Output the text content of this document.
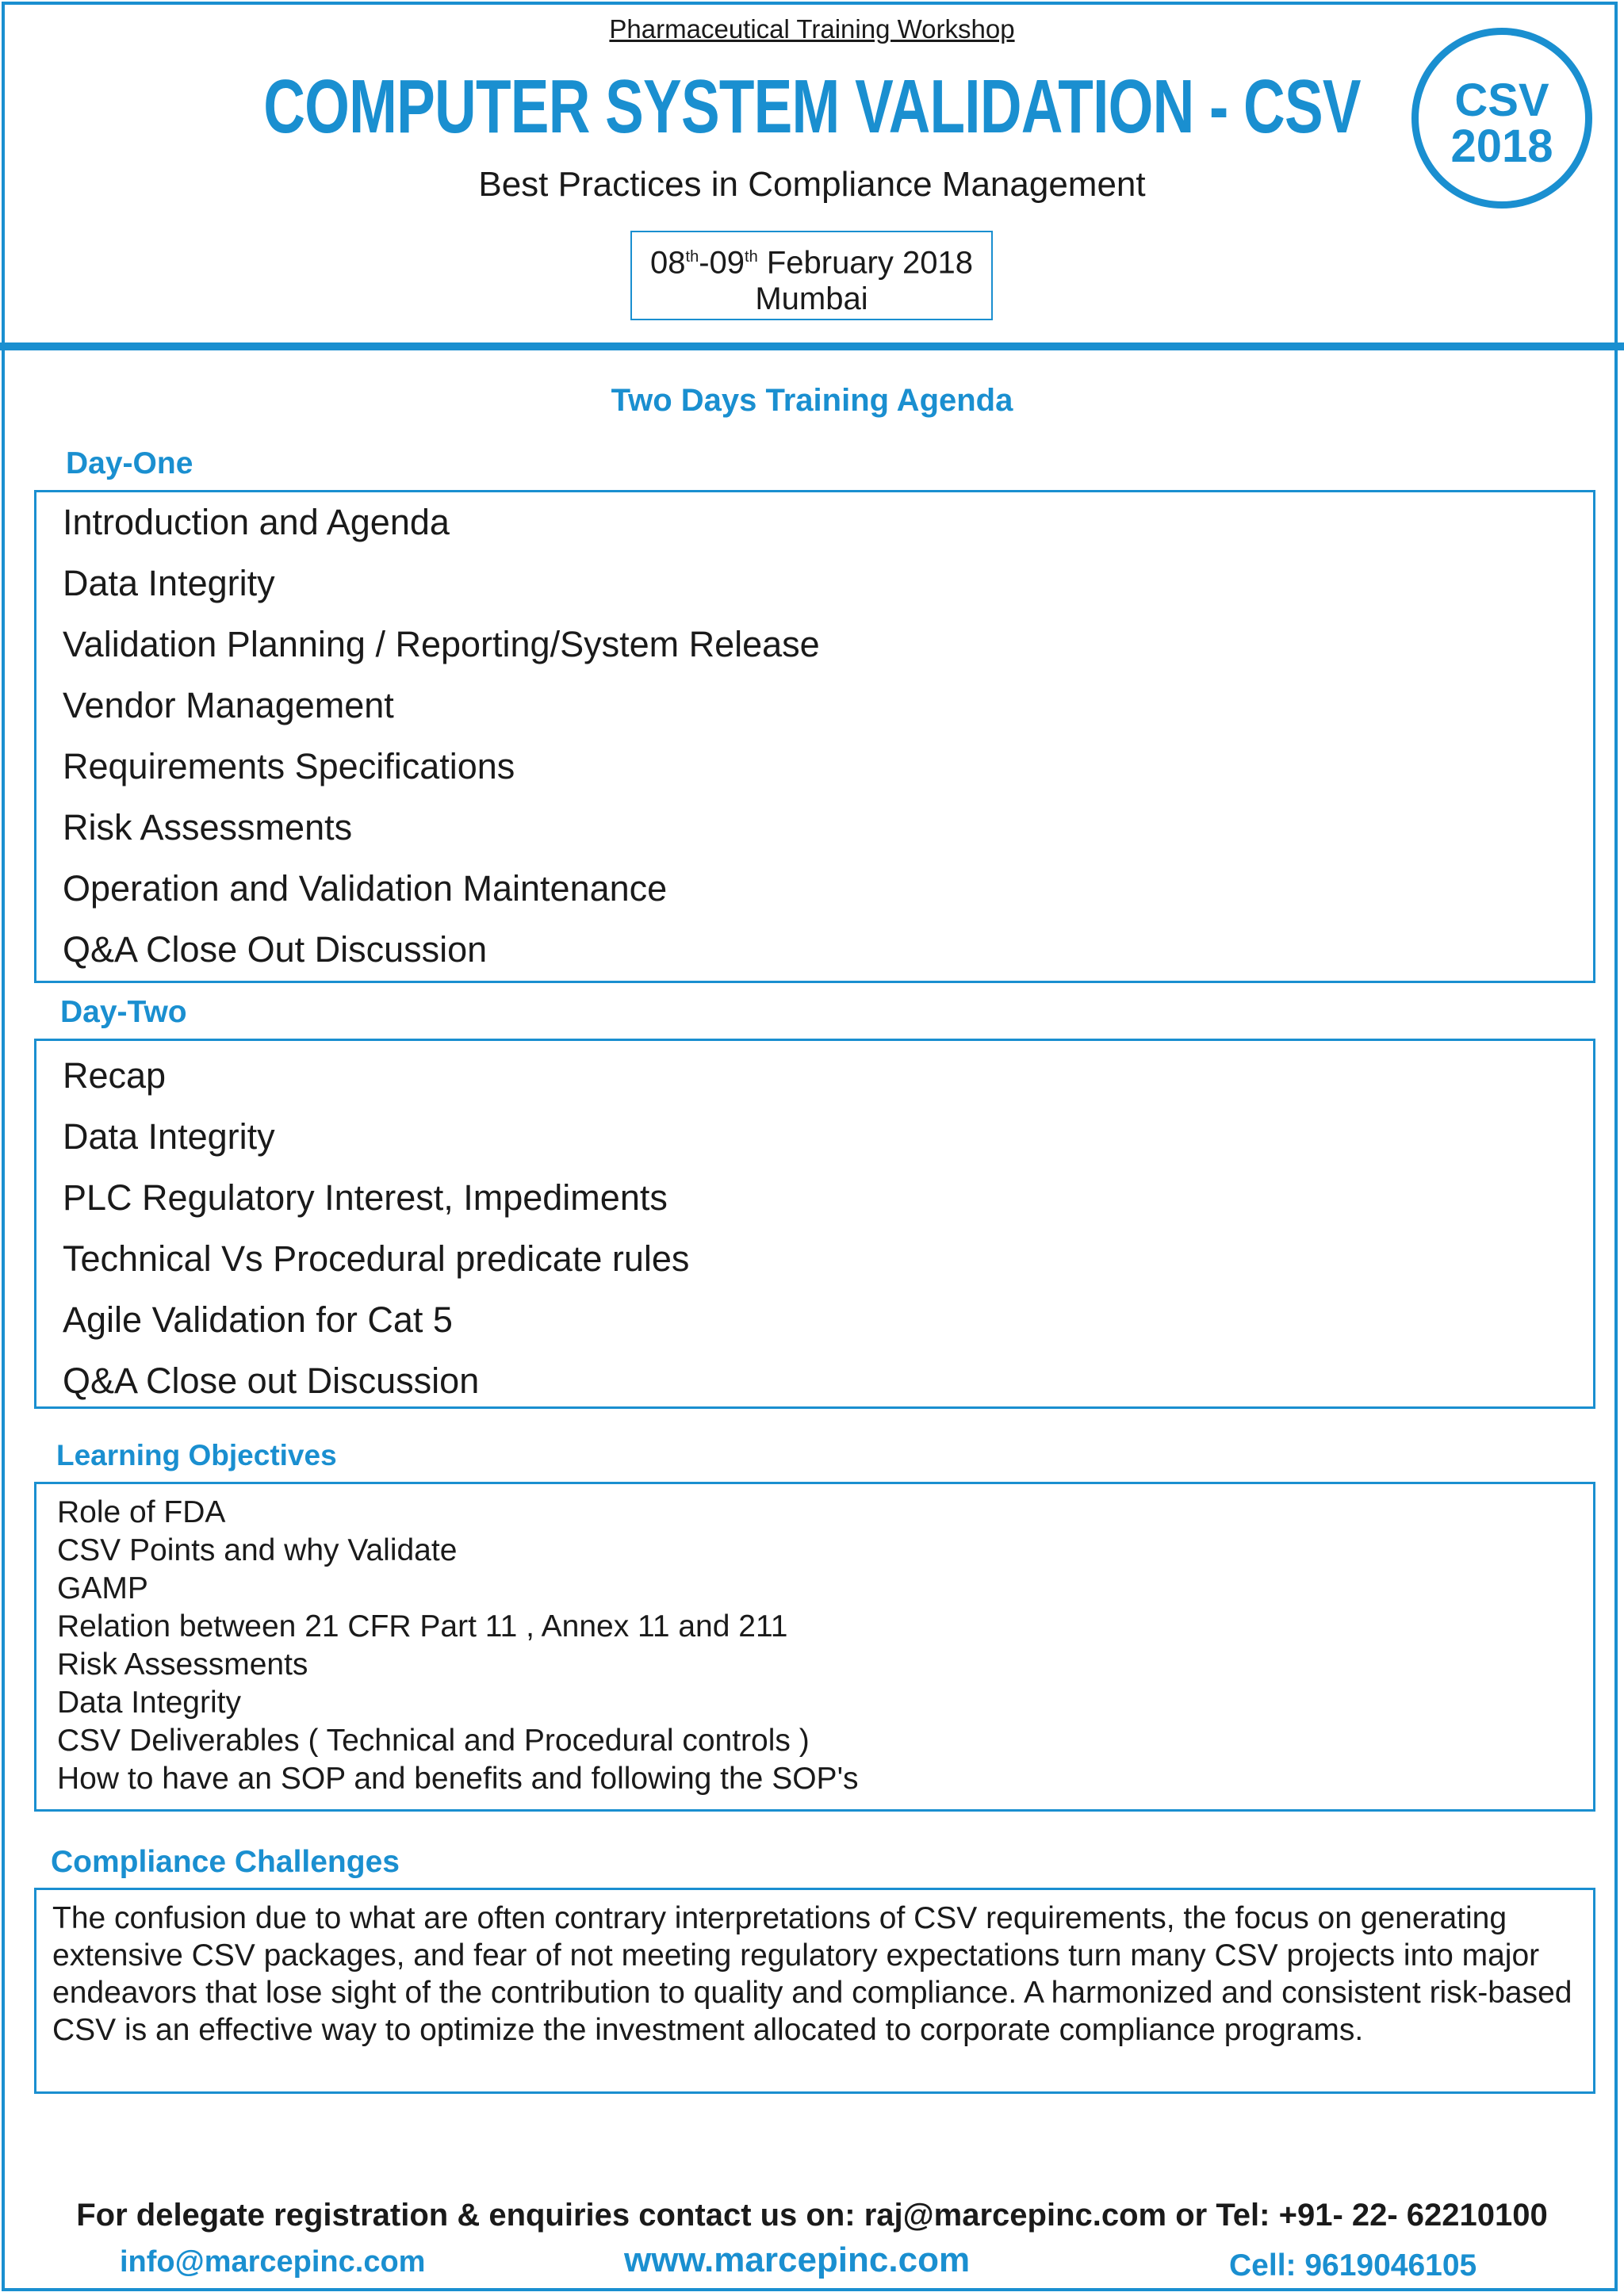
Pharmaceutical Training Workshop
COMPUTER SYSTEM VALIDATION - CSV
Best Practices in Compliance Management
08th-09th February 2018
Mumbai
CSV
2018
Two Days Training Agenda
Day-One
Introduction and Agenda
Data Integrity
Validation Planning / Reporting/System Release
Vendor Management
Requirements Specifications
Risk Assessments
Operation and Validation Maintenance
Q&A Close Out Discussion
Day-Two
Recap
Data Integrity
PLC Regulatory Interest, Impediments
Technical Vs Procedural predicate rules
Agile Validation for Cat 5
Q&A Close out Discussion
Learning Objectives
Role of FDA
CSV Points and why Validate
GAMP
Relation between 21 CFR Part 11 , Annex 11 and 211
Risk Assessments
Data Integrity
CSV Deliverables ( Technical and Procedural controls )
How to have an SOP and benefits and following the SOP's
Compliance Challenges

The confusion due to what are often contrary interpretations of CSV requirements, the focus on generating extensive CSV packages, and fear of not meeting regulatory expectations turn many CSV projects into major endeavors that lose sight of the contribution to quality and compliance. A harmonized and consistent risk-based CSV is an effective way to optimize the investment allocated to corporate compliance programs.

For delegate registration & enquiries contact us on: raj@marcepinc.com or Tel: +91- 22- 62210100
info@marcepinc.com	www.marcepinc.com	Cell: 9619046105
